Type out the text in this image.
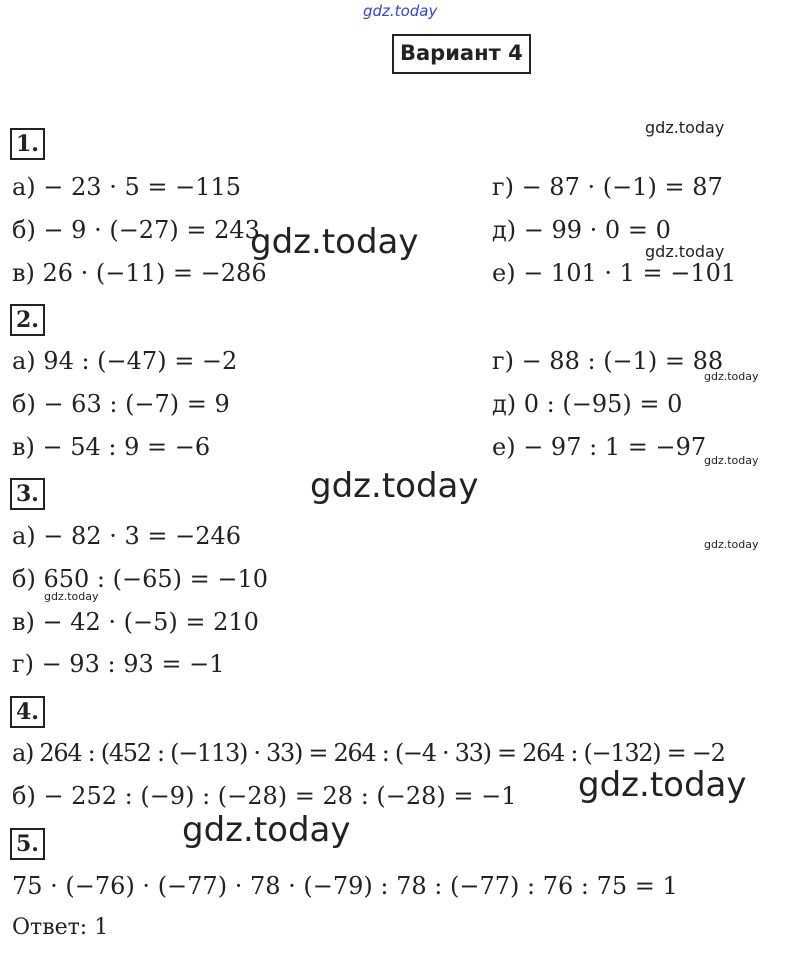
gdz.today
gdz.today
gdz.today	gdz.today
gdz.today
gdz.today
gdz.today
gdz.today
gdz.today
gdz.today
gdz.today
Вариант 4
1.
а) − 23 · 5 = −115
б) − 9 · (−27) = 243
в) 26 · (−11) = −286
г) − 87 · (−1) = 87
д) − 99 · 0 = 0
е) − 101 · 1 = −101
2.
а) 94 : (−47) = −2
б) − 63 : (−7) = 9
в) − 54 : 9 = −6
г) − 88 : (−1) = 88
д) 0 : (−95) = 0
е) − 97 : 1 = −97
3.
а) − 82 · 3 = −246
б) 650 : (−65) = −10
в) − 42 · (−5) = 210
г) − 93 : 93 = −1
4.
а) 264 : (452 : (−113) · 33) = 264 : (−4 · 33) = 264 : (−132) = −2
б) − 252 : (−9) : (−28) = 28 : (−28) = −1
5.
75 · (−76) · (−77) · 78 · (−79) : 78 : (−77) : 76 : 75 = 1
Ответ: 1
